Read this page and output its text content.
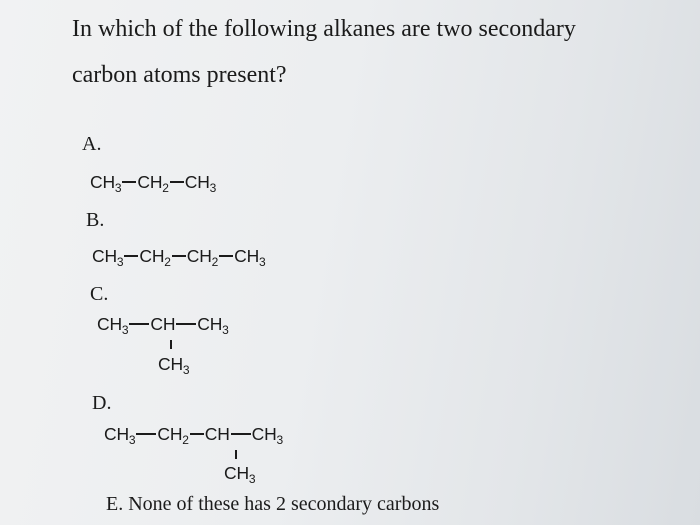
In which of the following alkanes are two secondary

carbon atoms present?

A.
$CH_3$ $CH_2$ $CH_3$
B.
$CH_3$ $CH_2$ $CH_2$ $CH_3$
C.
$CH_3$ CH $CH_3$
$CH_3$
D.
$CH_3$ $CH_2$ CH $CH_3$
$CH_3$
E. None of these has 2 secondary carbons
